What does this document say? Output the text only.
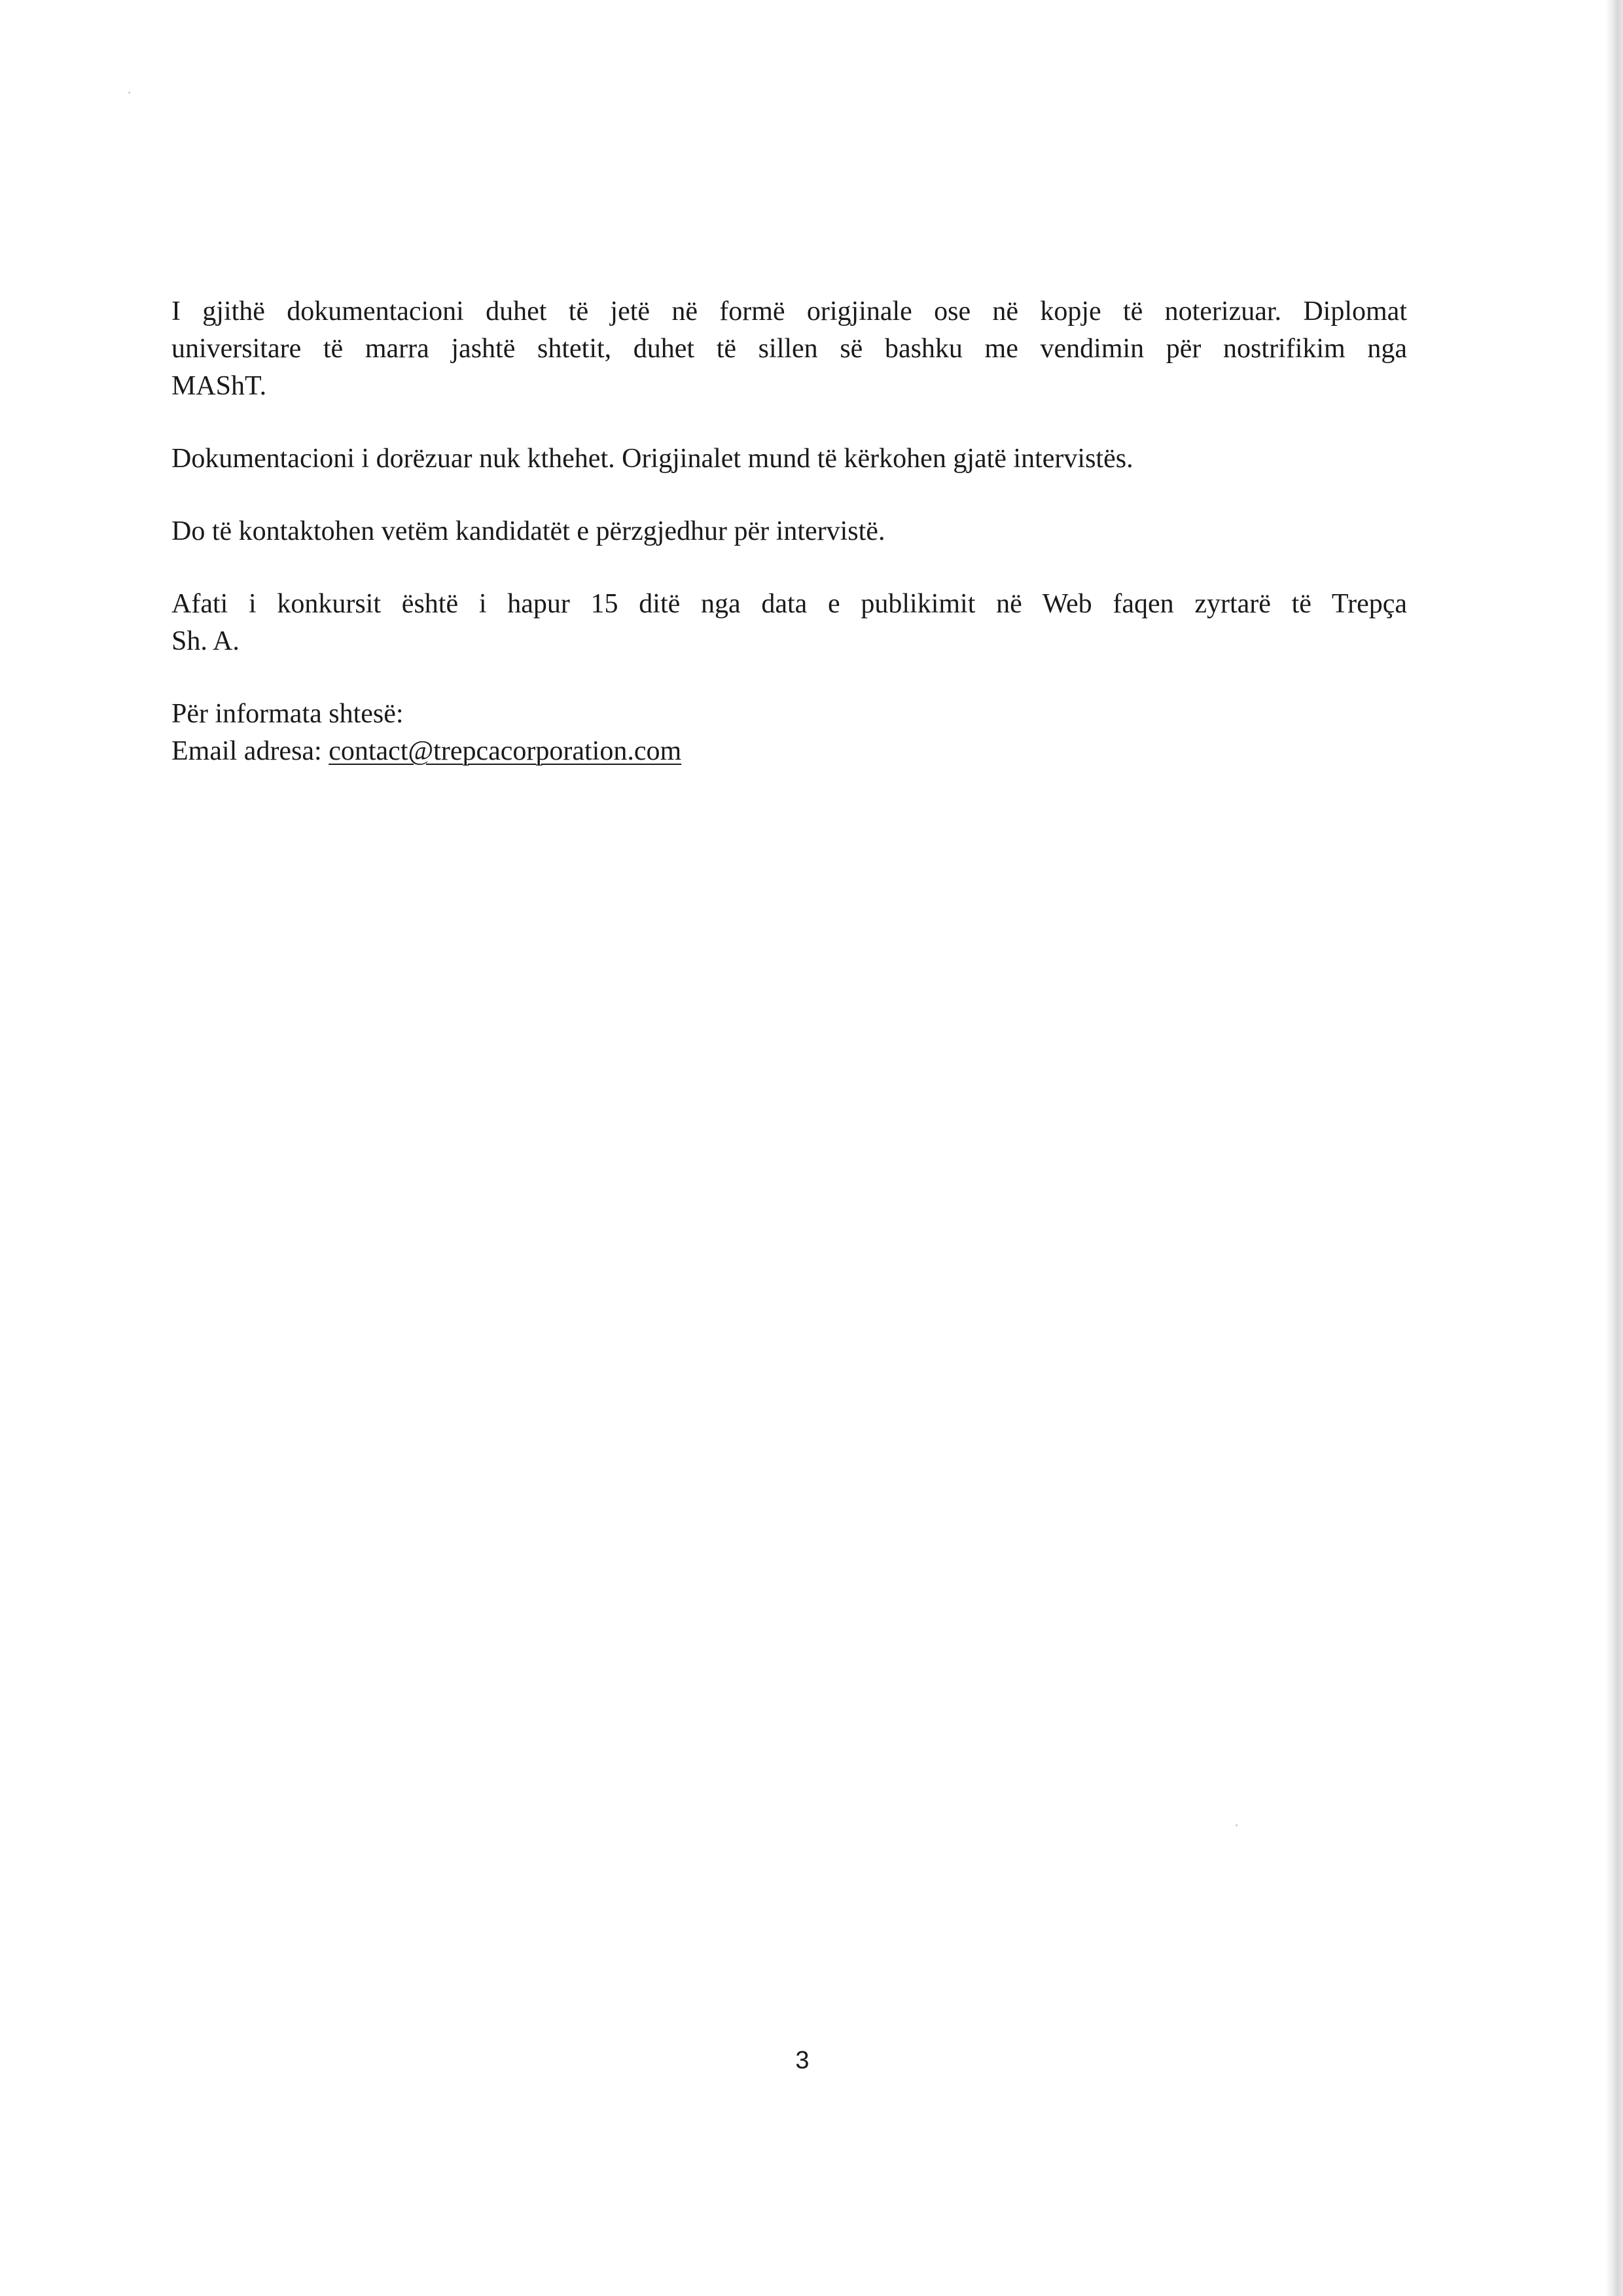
I gjithë dokumentacioni duhet të jetë në formë origjinale ose në kopje të noterizuar. Diplomat
universitare të marra jashtë shtetit, duhet të sillen së bashku me vendimin për nostrifikim nga
MAShT.

Dokumentacioni i dorëzuar nuk kthehet. Origjinalet mund të kërkohen gjatë intervistës.

Do të kontaktohen vetëm kandidatët e përzgjedhur për intervistë.

Afati i konkursit është i hapur 15 ditë nga data e publikimit në Web faqen zyrtarë të Trepça
Sh. A.

Për informata shtesë:
Email adresa: contact@trepcacorporation.com

3
